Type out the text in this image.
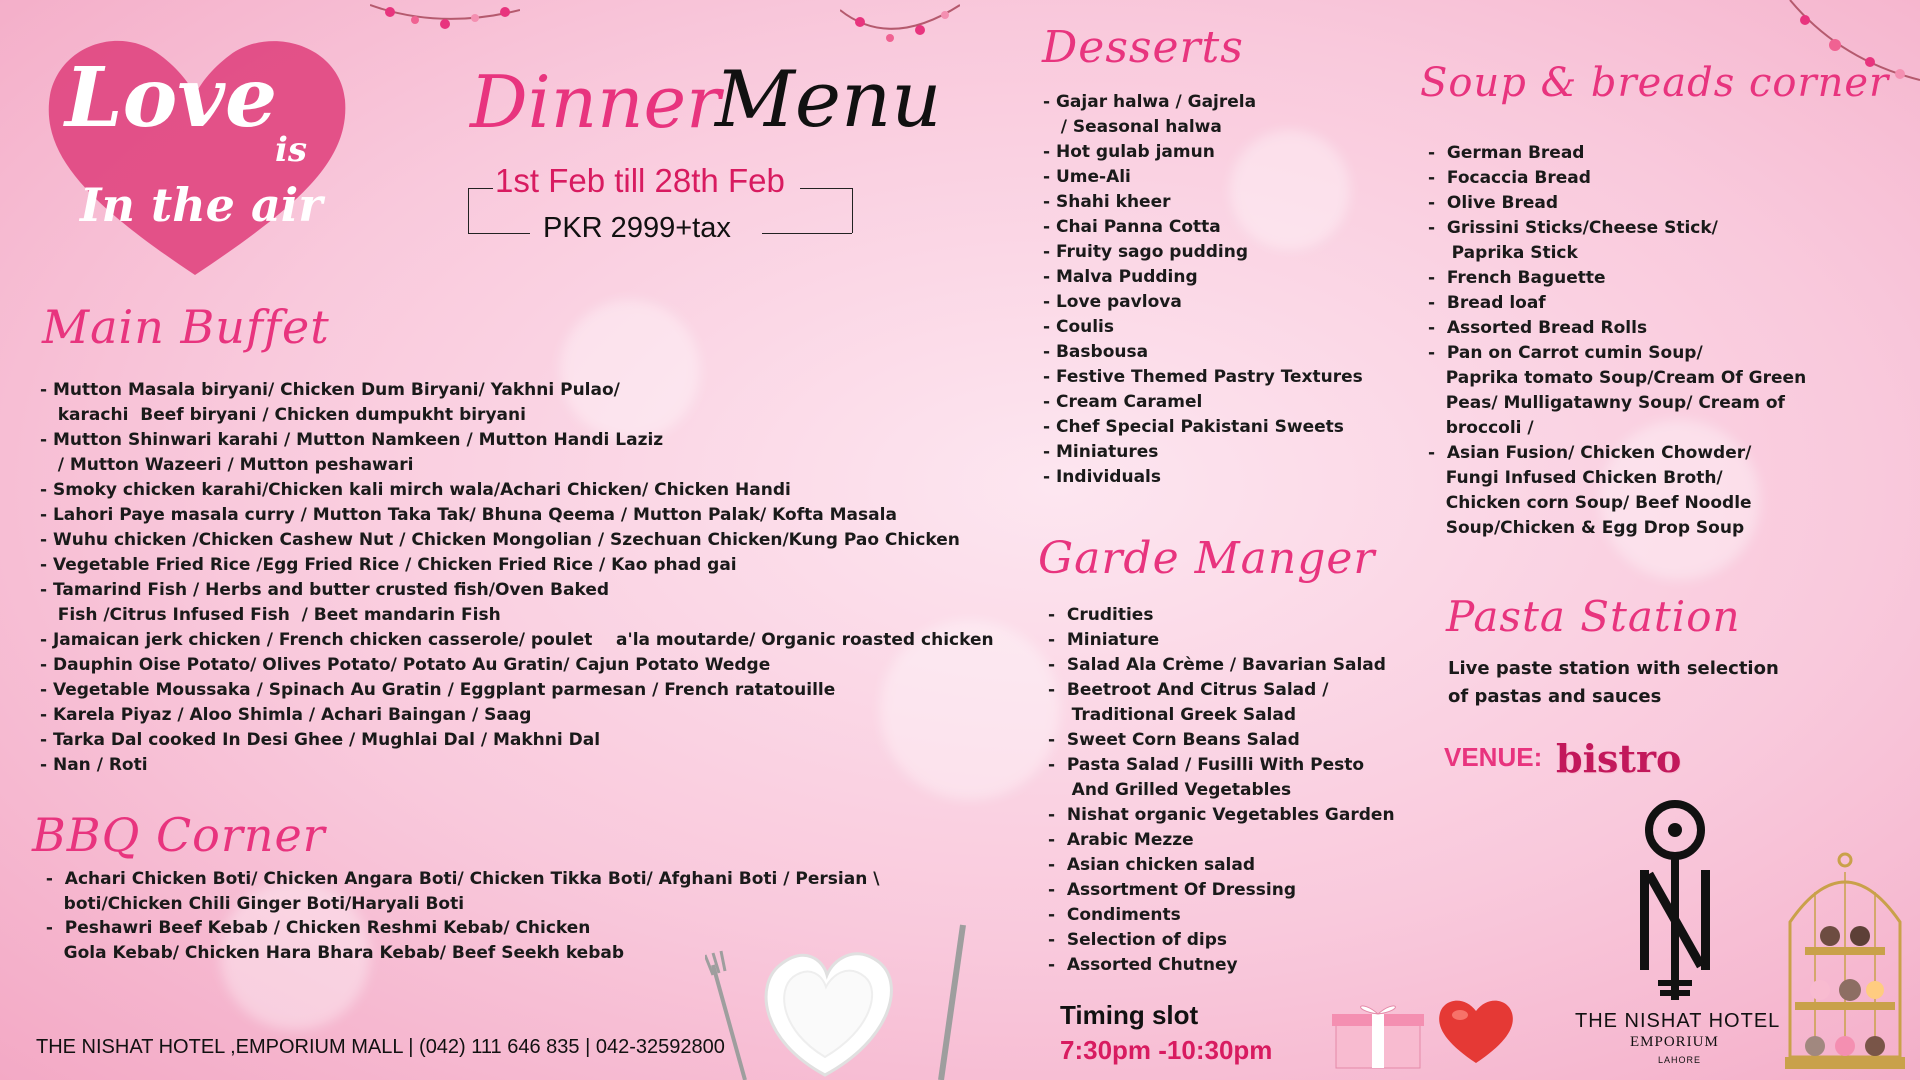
Love
is
In the air
Dinner
Menu
1st Feb till 28th Feb
PKR 2999+tax
Main Buffet
- Mutton Masala biryani/ Chicken Dum Biryani/ Yakhni Pulao/
karachi  Beef biryani / Chicken dumpukht biryani
- Mutton Shinwari karahi / Mutton Namkeen / Mutton Handi Laziz
/ Mutton Wazeeri / Mutton peshawari
- Smoky chicken karahi/Chicken kali mirch wala/Achari Chicken/ Chicken Handi
- Lahori Paye masala curry / Mutton Taka Tak/ Bhuna Qeema / Mutton Palak/ Kofta Masala
- Wuhu chicken /Chicken Cashew Nut / Chicken Mongolian / Szechuan Chicken/Kung Pao Chicken
- Vegetable Fried Rice /Egg Fried Rice / Chicken Fried Rice / Kao phad gai
- Tamarind Fish / Herbs and butter crusted fish/Oven Baked
Fish /Citrus Infused Fish  / Beet mandarin Fish
- Jamaican jerk chicken / French chicken casserole/ poulet    a'la moutarde/ Organic roasted chicken
- Dauphin Oise Potato/ Olives Potato/ Potato Au Gratin/ Cajun Potato Wedge
- Vegetable Moussaka / Spinach Au Gratin / Eggplant parmesan / French ratatouille
- Karela Piyaz / Aloo Shimla / Achari Baingan / Saag
- Tarka Dal cooked In Desi Ghee / Mughlai Dal / Makhni Dal
- Nan / Roti
BBQ Corner
-  Achari Chicken Boti/ Chicken Angara Boti/ Chicken Tikka Boti/ Afghani Boti / Persian \
boti/Chicken Chili Ginger Boti/Haryali Boti
-  Peshawri Beef Kebab / Chicken Reshmi Kebab/ Chicken
Gola Kebab/ Chicken Hara Bhara Kebab/ Beef Seekh kebab
THE NISHAT HOTEL ,EMPORIUM MALL | (042) 111 646 835 | 042-32592800
Desserts
- Gajar halwa / Gajrela
/ Seasonal halwa
- Hot gulab jamun
- Ume-Ali
- Shahi kheer
- Chai Panna Cotta
- Fruity sago pudding
- Malva Pudding
- Love pavlova
- Coulis
- Basbousa
- Festive Themed Pastry Textures
- Cream Caramel
- Chef Special Pakistani Sweets
- Miniatures
- Individuals
Garde Manger
-  Crudities
-  Miniature
-  Salad Ala Crème / Bavarian Salad
-  Beetroot And Citrus Salad /
Traditional Greek Salad
-  Sweet Corn Beans Salad
-  Pasta Salad / Fusilli With Pesto
And Grilled Vegetables
-  Nishat organic Vegetables Garden
-  Arabic Mezze
-  Asian chicken salad
-  Assortment Of Dressing
-  Condiments
-  Selection of dips
-  Assorted Chutney
Timing slot
7:30pm -10:30pm
Soup & breads corner
-  German Bread
-  Focaccia Bread
-  Olive Bread
-  Grissini Sticks/Cheese Stick/
Paprika Stick
-  French Baguette
-  Bread loaf
-  Assorted Bread Rolls
-  Pan on Carrot cumin Soup/
Paprika tomato Soup/Cream Of Green
Peas/ Mulligatawny Soup/ Cream of
broccoli /
-  Asian Fusion/ Chicken Chowder/
Fungi Infused Chicken Broth/
Chicken corn Soup/ Beef Noodle
Soup/Chicken & Egg Drop Soup
Pasta Station
Live paste station with selection of pastas and sauces
VENUE: bistro
THE NISHAT HOTEL
EMPORIUM
LAHORE
